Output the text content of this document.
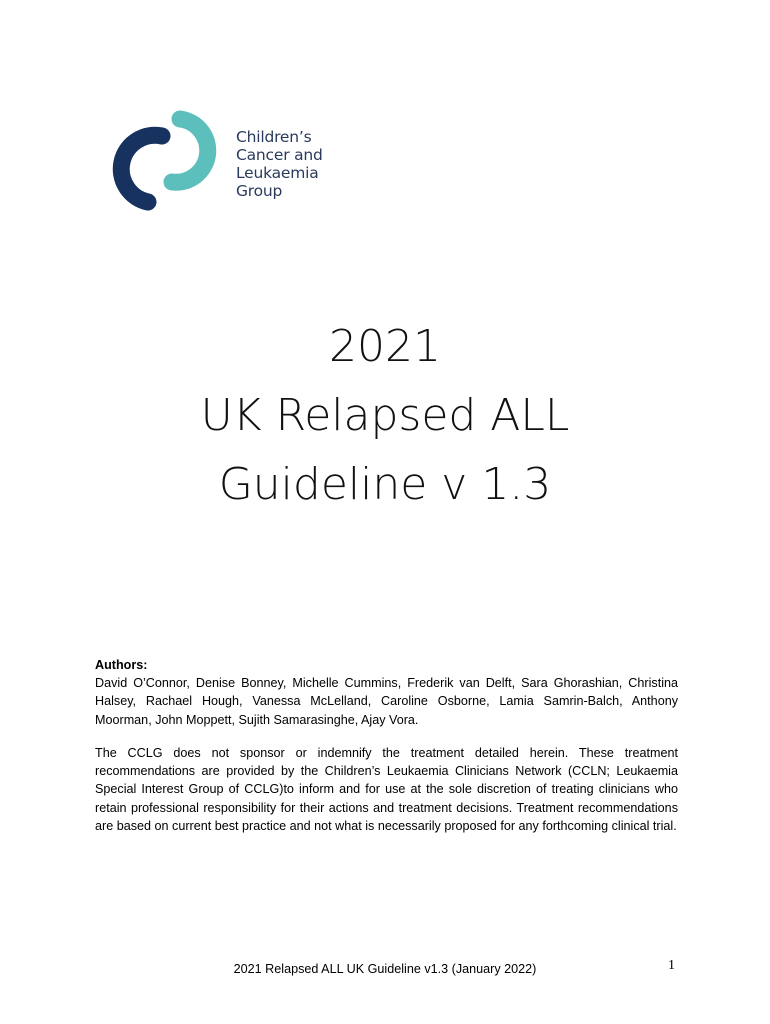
Children’s
Cancer and
Leukaemia
Group
2021
UK Relapsed ALL
Guideline v 1.3
Authors:
David O’Connor, Denise Bonney, Michelle Cummins, Frederik van Delft, Sara Ghorashian, Christina Halsey, Rachael Hough, Vanessa McLelland, Caroline Osborne, Lamia Samrin-Balch, Anthony Moorman, John Moppett, Sujith Samarasinghe, Ajay Vora.
The CCLG does not sponsor or indemnify the treatment detailed herein. These treatment recommendations are provided by the Children’s Leukaemia Clinicians Network (CCLN; Leukaemia Special Interest Group of CCLG)to inform and for use at the sole discretion of treating clinicians who retain professional responsibility for their actions and treatment decisions. Treatment recommendations are based on current best practice and not what is necessarily proposed for any forthcoming clinical trial.
2021 Relapsed ALL UK Guideline v1.3 (January 2022)	1
